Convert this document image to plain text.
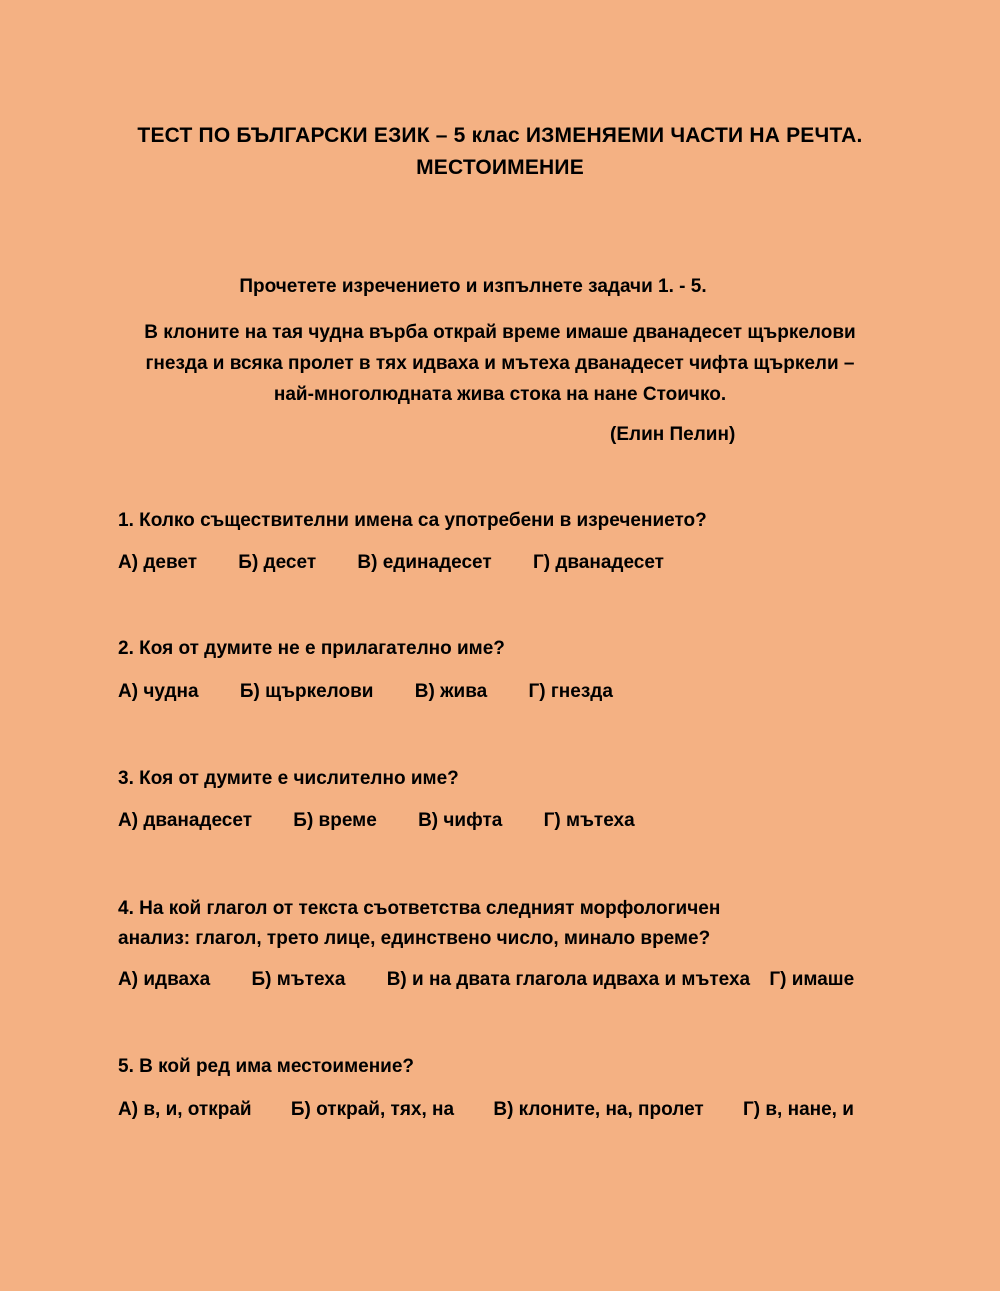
ТЕСТ ПО БЪЛГАРСКИ ЕЗИК – 5 клас ИЗМЕНЯЕМИ ЧАСТИ НА РЕЧТА.
МЕСТОИМЕНИЕ
Прочетете изречението и изпълнете задачи 1. - 5.
В клоните на тая чудна върба открай време имаше дванадесет щъркелови
гнезда и всяка пролет в тях идваха и мътеха дванадесет чифта щъркели –
най-многолюдната жива стока на нане Стоичко.
(Елин Пелин)
1. Колко съществителни имена са употребени в изречението?
А) девет Б) десет В) единадесет Г) дванадесет
2. Коя от думите не е прилагателно име?
А) чудна Б) щъркелови В) жива Г) гнезда
3. Коя от думите е числително име?
А) дванадесет Б) време В) чифта Г) мътеха
4. На кой глагол от текста съответства следният морфологичен
анализ: глагол, трето лице, единствено число, минало време?
А) идваха Б) мътеха В) и на двата глагола идваха и мътеха Г) имаше
5. В кой ред има местоимение?
А) в, и, открай Б) открай, тях, на В) клоните, на, пролет Г) в, нане, и
